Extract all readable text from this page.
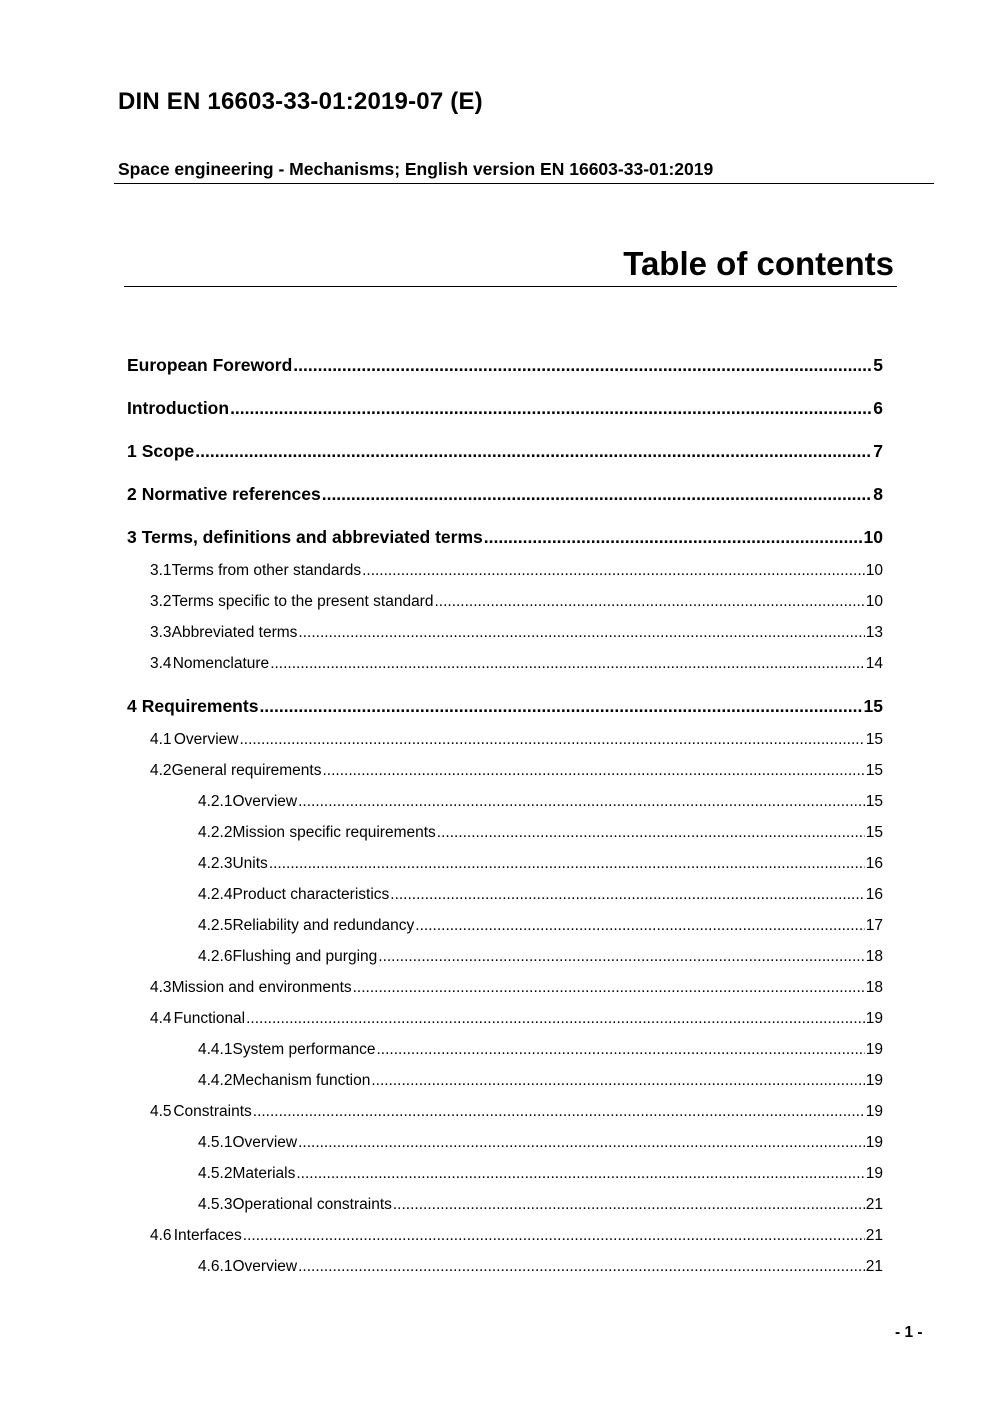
DIN EN 16603-33-01:2019-07 (E)
Space engineering - Mechanisms; English version EN 16603-33-01:2019
Table of contents
European Foreword .....	5
Introduction .....	6
1 Scope .....	7
2 Normative references .....	8
3 Terms, definitions and abbreviated terms .....	10
3.1 Terms from other standards .....	10
3.2 Terms specific to the present standard .....	10
3.3 Abbreviated terms .....	13
3.4 Nomenclature .....	14
4 Requirements .....	15
4.1 Overview .....	15
4.2 General requirements .....	15
4.2.1 Overview .....	15
4.2.2 Mission specific requirements .....	15
4.2.3 Units .....	16
4.2.4 Product characteristics .....	16
4.2.5 Reliability and redundancy .....	17
4.2.6 Flushing and purging .....	18
4.3 Mission and environments .....	18
4.4 Functional .....	19
4.4.1 System performance .....	19
4.4.2 Mechanism function .....	19
4.5 Constraints .....	19
4.5.1 Overview .....	19
4.5.2 Materials .....	19
4.5.3 Operational constraints .....	21
4.6 Interfaces .....	21
4.6.1 Overview .....	21
- 1 -
